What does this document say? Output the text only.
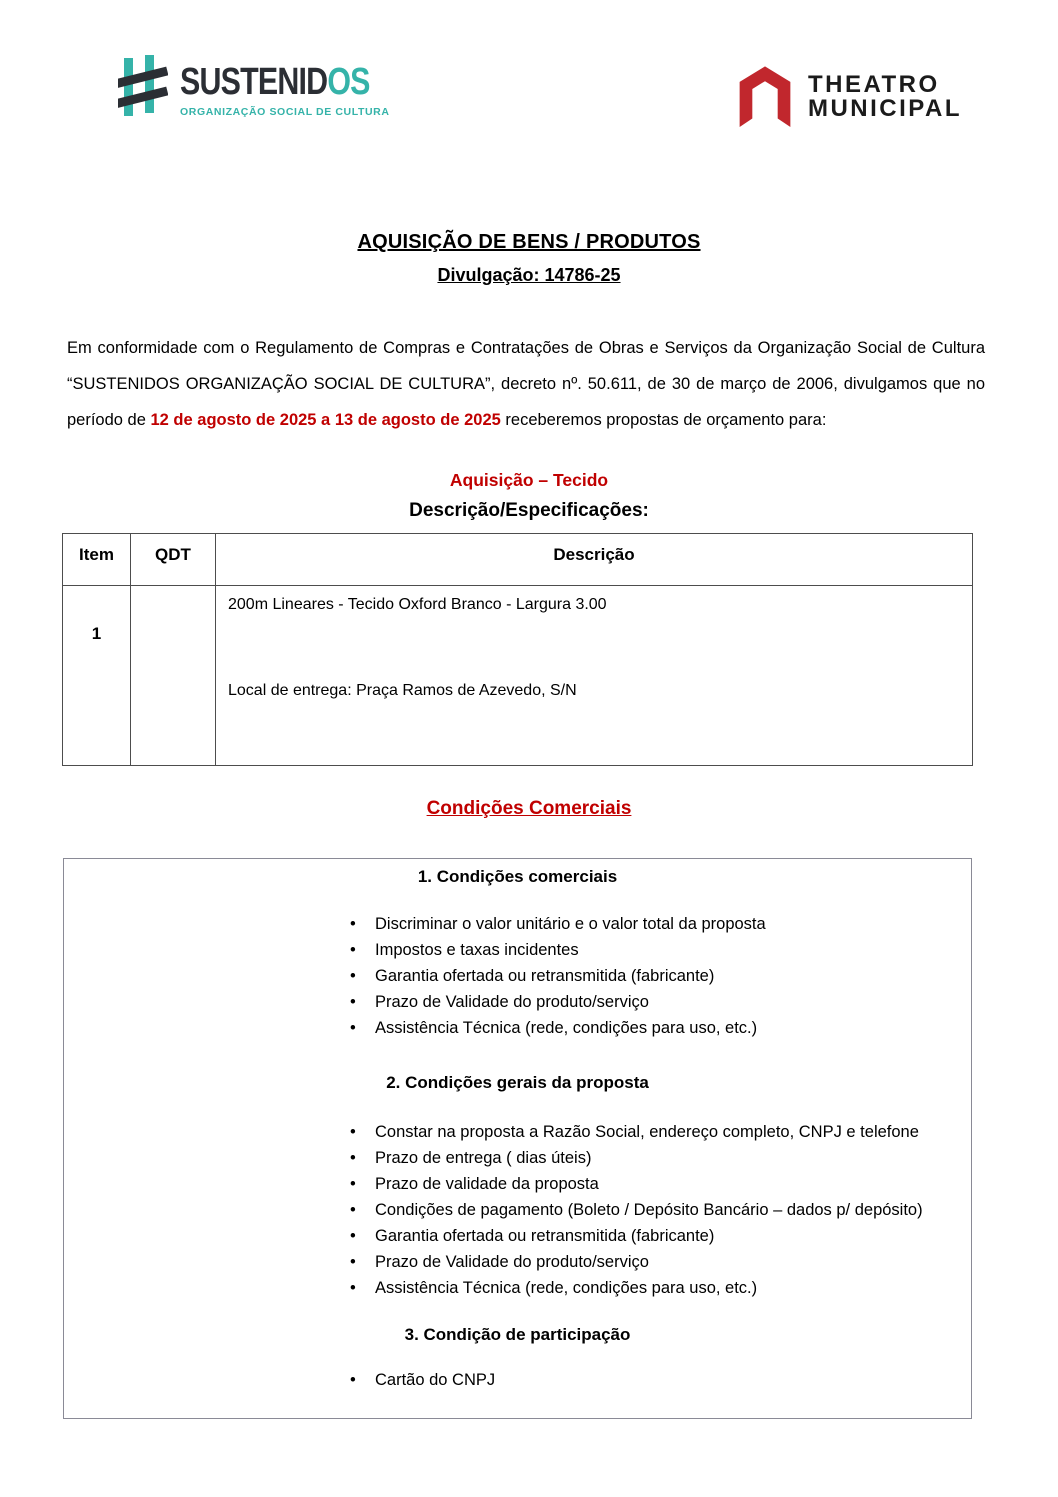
SUSTENIDOS
ORGANIZAÇÃO SOCIAL DE CULTURA
THEATRO
MUNICIPAL
AQUISIÇÃO DE BENS / PRODUTOS
Divulgação: 14786-25

Em conformidade com o Regulamento de Compras e Contratações de Obras e Serviços da Organização Social de Cultura “SUSTENIDOS ORGANIZAÇÃO SOCIAL DE CULTURA”, decreto nº. 50.611, de 30 de março de 2006, divulgamos que no período de 12 de agosto de 2025 a 13 de agosto de 2025 receberemos propostas de orçamento para:

Aquisição – Tecido
Descrição/Especificações:
Item	QDT	Descrição
1		200m Lineares - Tecido Oxford Branco - Largura 3.00
Local de entrega: Praça Ramos de Azevedo, S/N
Condições Comerciais
1. Condições comerciais
• Discriminar o valor unitário e o valor total da proposta
• Impostos e taxas incidentes
• Garantia ofertada ou retransmitida (fabricante)
• Prazo de Validade do produto/serviço
• Assistência Técnica (rede, condições para uso, etc.)
2. Condições gerais da proposta
• Constar na proposta a Razão Social, endereço completo, CNPJ e telefone
• Prazo de entrega ( dias úteis)
• Prazo de validade da proposta
• Condições de pagamento (Boleto / Depósito Bancário – dados p/ depósito)
• Garantia ofertada ou retransmitida (fabricante)
• Prazo de Validade do produto/serviço
• Assistência Técnica (rede, condições para uso, etc.)
3. Condição de participação
• Cartão do CNPJ
